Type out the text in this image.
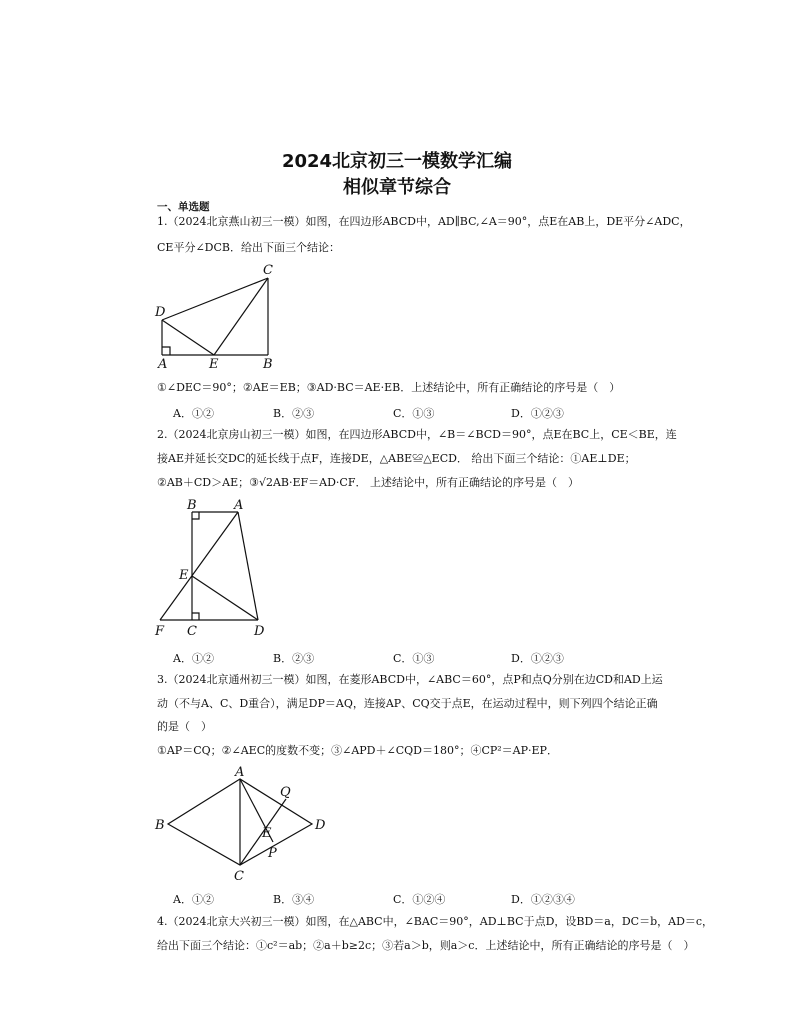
2024北京初三一模数学汇编
相似章节综合
一、单选题
1.（2024北京燕山初三一模）如图，在四边形ABCD中，AD∥BC,∠A＝90°，点E在AB上，DE平分∠ADC，
CE平分∠DCB．给出下面三个结论：
C
D
A	E	B
①∠DEC＝90°；②AE＝EB；③AD·BC＝AE·EB．上述结论中，所有正确结论的序号是（　）
A．①②	B．②③	C．①③	D．①②③
2.（2024北京房山初三一模）如图，在四边形ABCD中，∠B＝∠BCD＝90°，点E在BC上，CE＜BE，连
接AE并延长交DC的延长线于点F，连接DE，△ABE≌△ECD． 给出下面三个结论：①AE⊥DE；
②AB＋CD＞AE；③√2AB·EF＝AD·CF． 上述结论中，所有正确结论的序号是（　）
B	A
E
F C	D
A．①②	B．②③	C．①③	D．①②③
3.（2024北京通州初三一模）如图，在菱形ABCD中，∠ABC＝60°，点P和点Q分别在边CD和AD上运
动（不与A、C、D重合），满足DP＝AQ，连接AP、CQ交于点E，在运动过程中，则下列四个结论正确
的是（　）
①AP＝CQ；②∠AEC的度数不变；③∠APD＋∠CQD＝180°；④CP²＝AP·EP．
A
Q
B
E
D
P
C
A．①②	B．③④	C．①②④	D．①②③④
4.（2024北京大兴初三一模）如图，在△ABC中，∠BAC＝90°，AD⊥BC于点D，设BD＝a，DC＝b，AD＝c，
给出下面三个结论：①c²＝ab；②a＋b≥2c；③若a＞b，则a＞c．上述结论中，所有正确结论的序号是（　）
